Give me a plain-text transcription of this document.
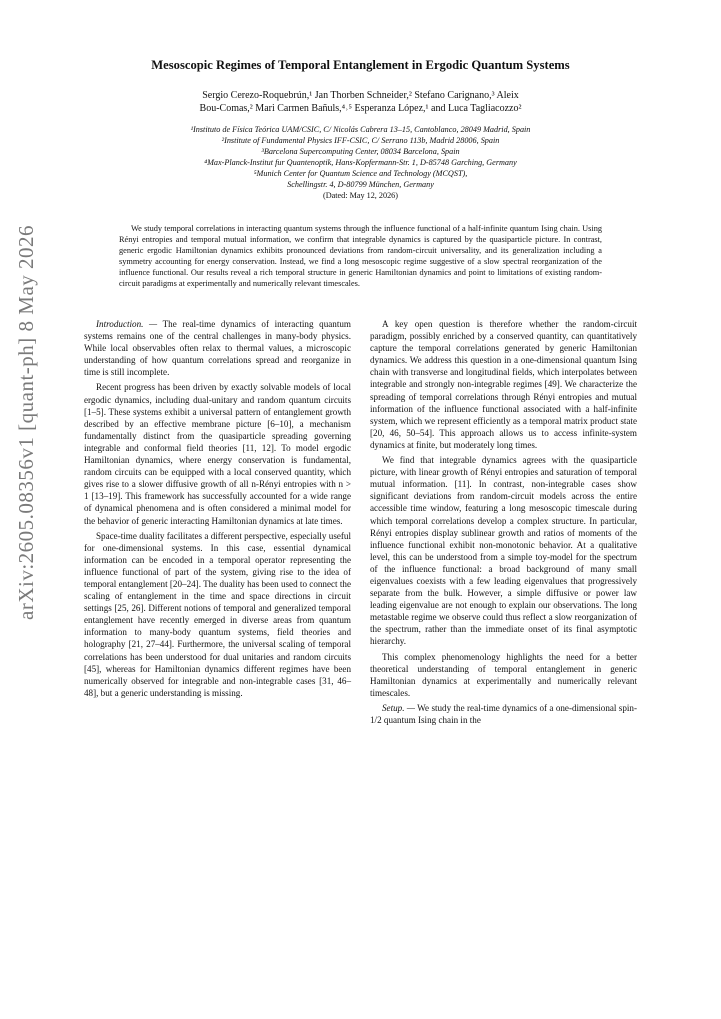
arXiv:2605.08356v1 [quant-ph] 8 May 2026
Mesoscopic Regimes of Temporal Entanglement in Ergodic Quantum Systems
Sergio Cerezo-Roquebrún,¹ Jan Thorben Schneider,² Stefano Carignano,³ Aleix
Bou-Comas,² Mari Carmen Bañuls,⁴˒⁵ Esperanza López,¹ and Luca Tagliacozzo²
¹Instituto de Física Teórica UAM/CSIC, C/ Nicolás Cabrera 13–15, Cantoblanco, 28049 Madrid, Spain
²Institute of Fundamental Physics IFF-CSIC, C/ Serrano 113b, Madrid 28006, Spain
³Barcelona Supercomputing Center, 08034 Barcelona, Spain
⁴Max-Planck-Institut fur Quantenoptik, Hans-Kopfermann-Str. 1, D-85748 Garching, Germany
⁵Munich Center for Quantum Science and Technology (MCQST),
Schellingstr. 4, D-80799 München, Germany
(Dated: May 12, 2026)
We study temporal correlations in interacting quantum systems through the influence functional of a half-infinite quantum Ising chain. Using Rényi entropies and temporal mutual information, we confirm that integrable dynamics is captured by the quasiparticle picture. In contrast, generic ergodic Hamiltonian dynamics exhibits pronounced deviations from random-circuit universality, and its generalization including a symmetry accounting for energy conservation. Instead, we find a long mesoscopic regime suggestive of a slow spectral reorganization of the influence functional. Our results reveal a rich temporal structure in generic Hamiltonian dynamics and point to limitations of existing random-circuit paradigms at experimentally and numerically relevant timescales.

Introduction. — The real-time dynamics of interacting quantum systems remains one of the central challenges in many-body physics. While local observables often relax to thermal values, a microscopic understanding of how quantum correlations spread and reorganize in time is still incomplete.

Recent progress has been driven by exactly solvable models of local ergodic dynamics, including dual-unitary and random quantum circuits [1–5]. These systems exhibit a universal pattern of entanglement growth described by an effective membrane picture [6–10], a mechanism fundamentally distinct from the quasiparticle spreading governing integrable and conformal field theories [11, 12]. To model ergodic Hamiltonian dynamics, where energy conservation is fundamental, random circuits can be equipped with a local conserved quantity, which gives rise to a slower diffusive growth of all n-Rényi entropies with n > 1 [13–19]. This framework has successfully accounted for a wide range of dynamical phenomena and is often considered a minimal model for the behavior of generic interacting Hamiltonian dynamics at late times.

Space-time duality facilitates a different perspective, especially useful for one-dimensional systems. In this case, essential dynamical information can be encoded in a temporal operator representing the influence functional of part of the system, giving rise to the idea of temporal entanglement [20–24]. The duality has been used to connect the scaling of entanglement in the time and space directions in circuit settings [25, 26]. Different notions of temporal and generalized temporal entanglement have recently emerged in diverse areas from quantum information to many-body quantum systems, field theories and holography [21, 27–44]. Furthermore, the universal scaling of temporal correlations has been understood for dual unitaries and random circuits [45], whereas for Hamiltonian dynamics different regimes have been numerically observed for integrable and non-integrable cases [31, 46–48], but a generic understanding is missing.

A key open question is therefore whether the random-circuit paradigm, possibly enriched by a conserved quantity, can quantitatively capture the temporal correlations generated by generic Hamiltonian dynamics. We address this question in a one-dimensional quantum Ising chain with transverse and longitudinal fields, which interpolates between integrable and strongly non-integrable regimes [49]. We characterize the spreading of temporal correlations through Rényi entropies and mutual information of the influence functional associated with a half-infinite system, which we represent efficiently as a temporal matrix product state [20, 46, 50–54]. This approach allows us to access infinite-system dynamics at finite, but moderately long times.

We find that integrable dynamics agrees with the quasiparticle picture, with linear growth of Rényi entropies and saturation of temporal mutual information. [11]. In contrast, non-integrable cases show significant deviations from random-circuit models across the entire accessible time window, featuring a long mesoscopic timescale during which temporal correlations develop a complex structure. In particular, Rényi entropies display sublinear growth and ratios of moments of the influence functional exhibit non-monotonic behavior. At a qualitative level, this can be understood from a simple toy-model for the spectrum of the influence functional: a broad background of many small eigenvalues coexists with a few leading eigenvalues that progressively separate from the bulk. However, a simple diffusive or power law leading eigenvalue are not enough to explain our observations. The long metastable regime we observe could thus reflect a slow reorganization of the spectrum, rather than the immediate onset of its final asymptotic hierarchy.

This complex phenomenology highlights the need for a better theoretical understanding of temporal entanglement in generic Hamiltonian dynamics at experimentally and numerically relevant timescales.

Setup. — We study the real-time dynamics of a one-dimensional spin-1/2 quantum Ising chain in the
